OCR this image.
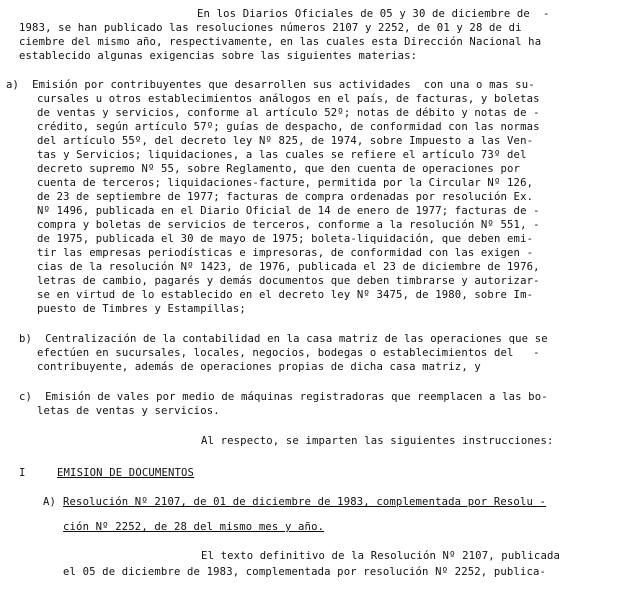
En los Diarios Oficiales de 05 y 30 de diciembre de  -
1983, se han publicado las resoluciones números 2107 y 2252, de 01 y 28 de di
ciembre del mismo año, respectivamente, en las cuales esta Dirección Nacional ha
establecido algunas exigencias sobre las siguientes materias:
a)  Emisión por contribuyentes que desarrollen sus actividades  con una o mas su-
cursales u otros establecimientos análogos en el país, de facturas, y boletas
de ventas y servicios, conforme al artículo 52º; notas de débito y notas de -
crédito, según artículo 57º; guías de despacho, de conformidad con las normas
del artículo 55º, del decreto ley Nº 825, de 1974, sobre Impuesto a las Ven-
tas y Servicios; liquidaciones, a las cuales se refiere el artículo 73º del
decreto supremo Nº 55, sobre Reglamento, que den cuenta de operaciones por
cuenta de terceros; liquidaciones-facture, permitida por la Circular Nº 126,
de 23 de septiembre de 1977; facturas de compra ordenadas por resolución Ex.
Nº 1496, publicada en el Diario Oficial de 14 de enero de 1977; facturas de -
compra y boletas de servicios de terceros, conforme a la resolución Nº 551, -
de 1975, publicada el 30 de mayo de 1975; boleta-liquidación, que deben emi-
tir las empresas periodísticas e impresoras, de conformidad con las exigen -
cias de la resolución Nº 1423, de 1976, publicada el 23 de diciembre de 1976,
letras de cambio, pagarés y demás documentos que deben timbrarse y autorizar-
se en virtud de lo establecido en el decreto ley Nº 3475, de 1980, sobre Im-
puesto de Timbres y Estampillas;
b)  Centralización de la contabilidad en la casa matriz de las operaciones que se
efectúen en sucursales, locales, negocios, bodegas o establecimientos del   -
contribuyente, además de operaciones propias de dicha casa matriz, y
c)  Emisión de vales por medio de máquinas registradoras que reemplacen a las bo-
letas de ventas y servicios.
Al respecto, se imparten las siguientes instrucciones:
I	EMISION DE DOCUMENTOS
A) Resolución Nº 2107, de 01 de diciembre de 1983, complementada por Resolu -
ción Nº 2252, de 28 del mismo mes y año.
El texto definitivo de la Resolución Nº 2107, publicada
el 05 de diciembre de 1983, complementada por resolución Nº 2252, publica-
